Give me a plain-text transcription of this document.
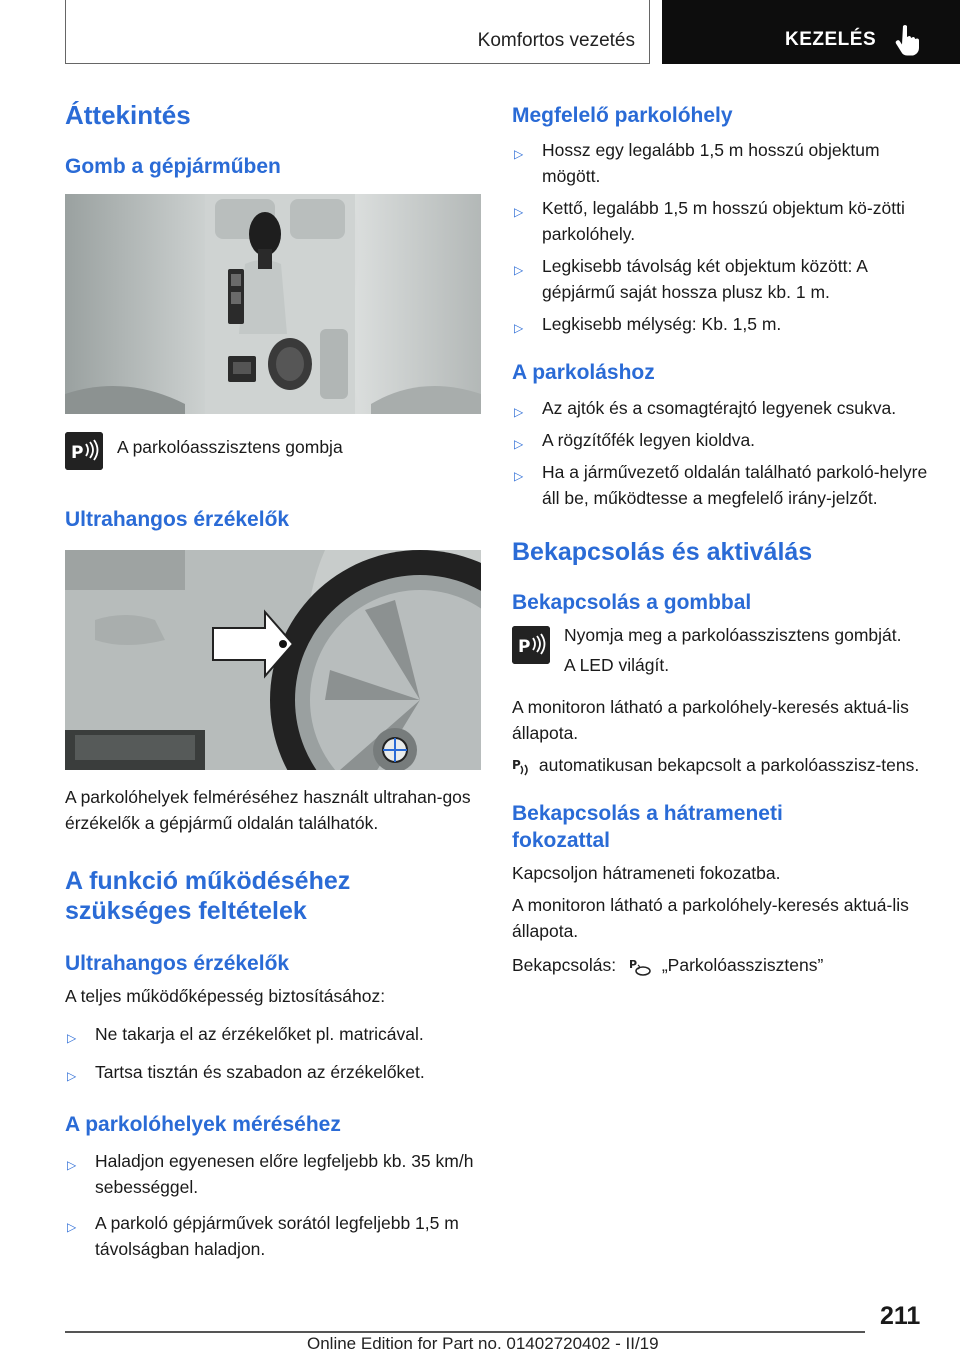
Komfortos vezetés	KEZELÉS
Áttekintés
Gomb a gépjárműben
P A parkolóasszisztens gombja
Ultrahangos érzékelők
A parkolóhelyek felméréséhez használt ultrahan-gos érzékelők a gépjármű oldalán találhatók.
A funkció működéséhez
szükséges feltételek
Ultrahangos érzékelők
A teljes működőképesség biztosításához:
▷ Ne takarja el az érzékelőket pl. matricával.
▷ Tartsa tisztán és szabadon az érzékelőket.
A parkolóhelyek méréséhez
▷ Haladjon egyenesen előre legfeljebb kb. 35 km/h sebességgel.
▷ A parkoló gépjárművek sorától legfeljebb 1,5 m távolságban haladjon.
Megfelelő parkolóhely
▷ Hossz egy legalább 1,5 m hosszú objektum mögött.
▷ Kettő, legalább 1,5 m hosszú objektum kö-zötti parkolóhely.
▷ Legkisebb távolság két objektum között: A gépjármű saját hossza plusz kb. 1 m.
▷ Legkisebb mélység: Kb. 1,5 m.
A parkoláshoz
▷ Az ajtók és a csomagtérajtó legyenek csukva.
▷ A rögzítőfék legyen kioldva.
▷ Ha a járművezető oldalán található parkoló-helyre áll be, működtesse a megfelelő irány-jelzőt.
Bekapcsolás és aktiválás
Bekapcsolás a gombbal
P
Nyomja meg a parkolóasszisztens gombját.
A LED világít.
A monitoron látható a parkolóhely-keresés aktuá-lis állapota.
P automatikusan bekapcsolt a parkolóasszisz-tens.
Bekapcsolás a hátrameneti
fokozattal
Kapcsoljon hátrameneti fokozatba.
A monitoron látható a parkolóhely-keresés aktuá-lis állapota.
Bekapcsolás: P „Parkolóasszisztens”
211
Online Edition for Part no. 01402720402 - II/19
